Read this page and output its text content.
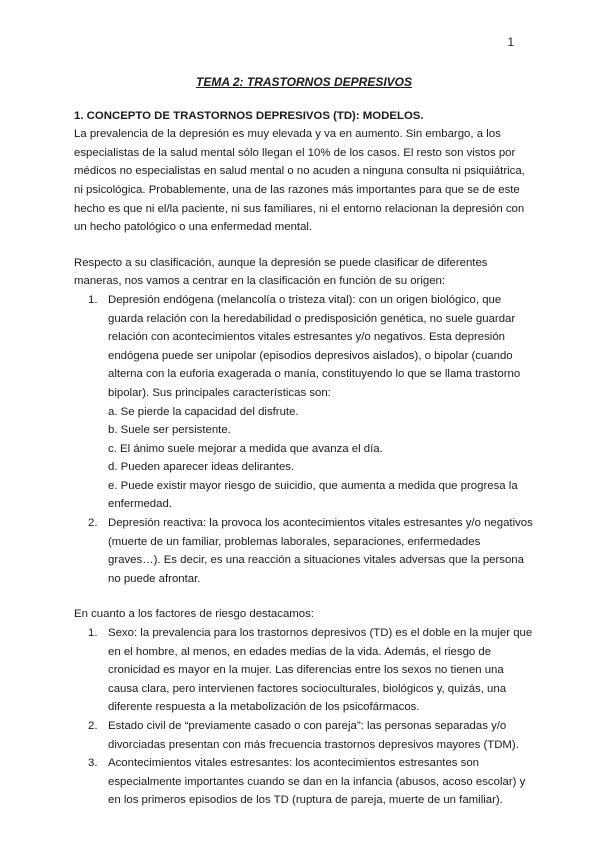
1
TEMA 2: TRASTORNOS DEPRESIVOS

1. CONCEPTO DE TRASTORNOS DEPRESIVOS (TD): MODELOS.

La prevalencia de la depresión es muy elevada y va en aumento. Sin embargo, a los especialistas de la salud mental sólo llegan el 10% de los casos. El resto son vistos por médicos no especialistas en salud mental o no acuden a ninguna consulta ni psiquiátrica, ni psicológica. Probablemente, una de las razones más importantes para que se de este hecho es que ni el/la paciente, ni sus familiares, ni el entorno relacionan la depresión con un hecho patológico o una enfermedad mental.

Respecto a su clasificación, aunque la depresión se puede clasificar de diferentes maneras, nos vamos a centrar en la clasificación en función de su origen:

1. Depresión endógena (melancolía o tristeza vital): con un origen biológico, que guarda relación con la heredabilidad o predisposición genética, no suele guardar relación con acontecimientos vitales estresantes y/o negativos. Esta depresión endógena puede ser unipolar (episodios depresivos aislados), o bipolar (cuando alterna con la euforia exagerada o manía, constituyendo lo que se llama trastorno bipolar). Sus principales características son:

a. Se pierde la capacidad del disfrute.
b. Suele ser persistente.
c. El ánimo suele mejorar a medida que avanza el día.
d. Pueden aparecer ideas delirantes.
e. Puede existir mayor riesgo de suicidio, que aumenta a medida que progresa la enfermedad.
2. Depresión reactiva: la provoca los acontecimientos vitales estresantes y/o negativos (muerte de un familiar, problemas laborales, separaciones, enfermedades graves…). Es decir, es una reacción a situaciones vitales adversas que la persona no puede afrontar.

En cuanto a los factores de riesgo destacamos:

1. Sexo: la prevalencia para los trastornos depresivos (TD) es el doble en la mujer que en el hombre, al menos, en edades medias de la vida. Además, el riesgo de cronicidad es mayor en la mujer. Las diferencias entre los sexos no tienen una causa clara, pero intervienen factores socioculturales, biológicos y, quizás, una diferente respuesta a la metabolización de los psicofármacos.

2. Estado civil de “previamente casado o con pareja”: las personas separadas y/o divorciadas presentan con más frecuencia trastornos depresivos mayores (TDM).

3. Acontecimientos vitales estresantes: los acontecimientos estresantes son especialmente importantes cuando se dan en la infancia (abusos, acoso escolar) y en los primeros episodios de los TD (ruptura de pareja, muerte de un familiar).
